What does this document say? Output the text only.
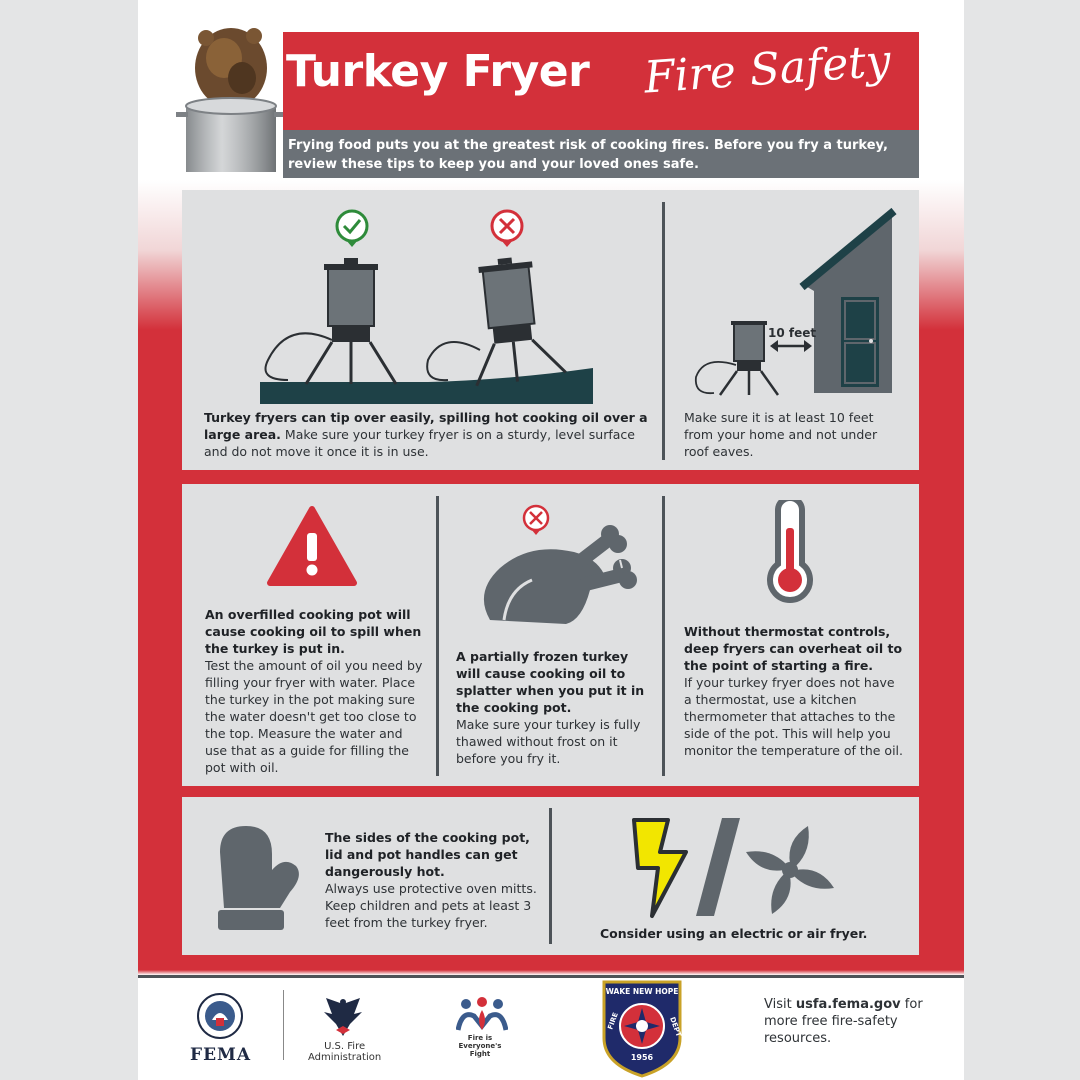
Turkey Fryer Fire Safety
Frying food puts you at the greatest risk of cooking fires. Before you fry a turkey, review these tips to keep you and your loved ones safe.
Turkey fryers can tip over easily, spilling hot cooking oil over a large area. Make sure your turkey fryer is on a sturdy, level surface and do not move it once it is in use.
10 feet
Make sure it is at least 10 feet from your home and not under roof eaves.
An overfilled cooking pot will cause cooking oil to spill when the turkey is put in.
Test the amount of oil you need by filling your fryer with water. Place the turkey in the pot making sure the water doesn't get too close to the top. Measure the water and use that as a guide for filling the pot with oil.
A partially frozen turkey will cause cooking oil to splatter when you put it in the cooking pot.
Make sure your turkey is fully thawed without frost on it before you fry it.
Without thermostat controls, deep fryers can overheat oil to the point of starting a fire.
If your turkey fryer does not have a thermostat, use a kitchen thermometer that attaches to the side of the pot. This will help you monitor the temperature of the oil.
The sides of the cooking pot, lid and pot handles can get dangerously hot.
Always use protective oven mitts. Keep children and pets at least 3 feet from the turkey fryer.
Consider using an electric or air fryer.
FEMA	U.S. Fire
Administration
Fire is
Everyone's
Fight
WAKE NEW HOPE
FIRE	DEPT
1956
Visit usfa.fema.gov for more free fire-safety resources.
